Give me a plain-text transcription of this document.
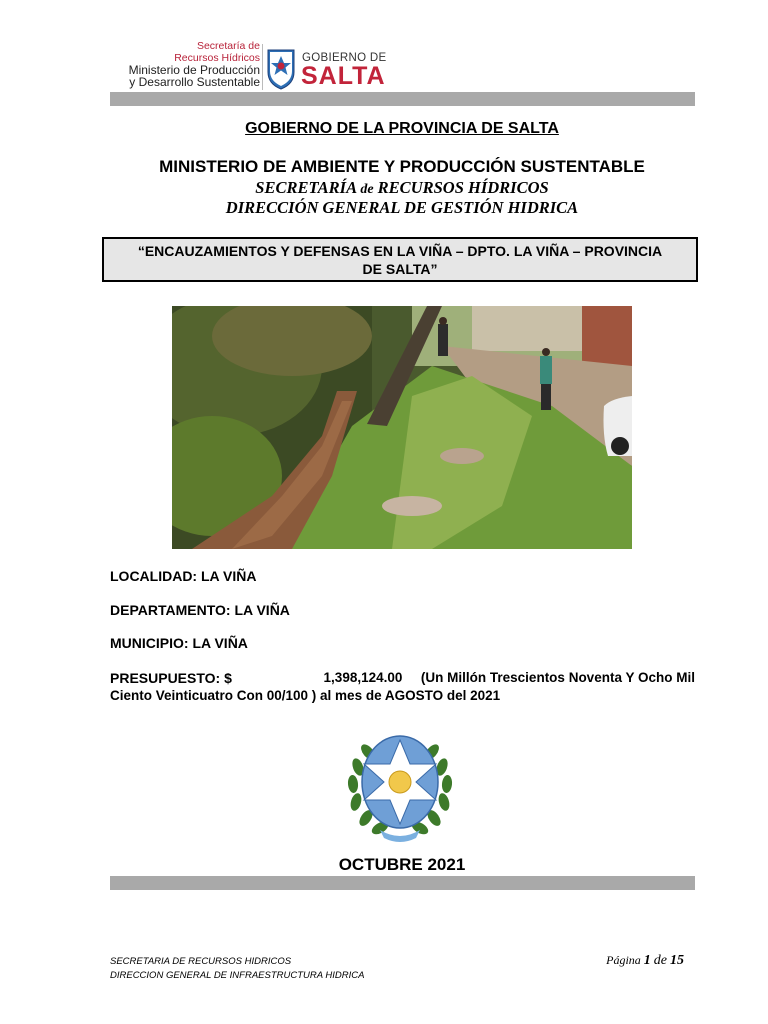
Secretaría de
Recursos Hídricos
Ministerio de Producción
y Desarrollo Sustentable
GOBIERNO DE
SALTA
GOBIERNO DE LA PROVINCIA DE SALTA
MINISTERIO DE AMBIENTE Y PRODUCCIÓN SUSTENTABLE
SECRETARÍA de RECURSOS HÍDRICOS
DIRECCIÓN GENERAL DE GESTIÓN HIDRICA
“ENCAUZAMIENTOS Y DEFENSAS EN LA VIÑA – DPTO. LA VIÑA – PROVINCIA
DE SALTA”
LOCALIDAD: LA VIÑA
DEPARTAMENTO: LA VIÑA
MUNICIPIO: LA VIÑA
PRESUPUESTO: $	1,398,124.00 (Un Millón Trescientos Noventa Y Ocho Mil
Ciento Veinticuatro Con 00/100 ) al mes de AGOSTO del 2021
OCTUBRE 2021
SECRETARIA DE RECURSOS HIDRICOS
DIRECCION GENERAL DE INFRAESTRUCTURA HIDRICA
Página 1 de 15
